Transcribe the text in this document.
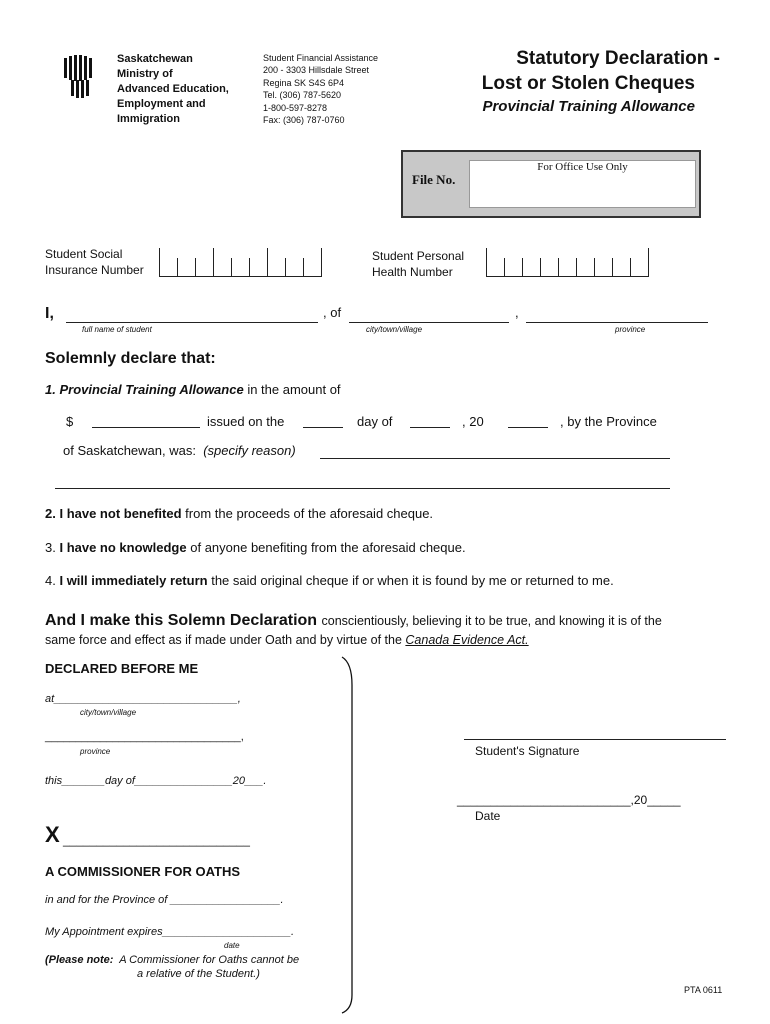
Saskatchewan
Ministry of
Advanced Education,
Employment and
Immigration
Student Financial Assistance
200 - 3303 Hillsdale Street
Regina SK S4S 6P4
Tel. (306) 787-5620
1-800-597-8278
Fax: (306) 787-0760
Statutory Declaration -
Lost or Stolen Cheques
Provincial Training Allowance
File No.
For Office Use Only
Student Social
Insurance Number
Student Personal
Health Number
I,	, of	,
full name of student	city/town/village	province
Solemnly declare that:
1. Provincial Training Allowance in the amount of
$	issued on the	day of	, 20	, by the Province
of Saskatchewan, was: (specify reason)
2. I have not benefited from the proceeds of the aforesaid cheque.
3. I have no knowledge of anyone benefiting from the aforesaid cheque.
4. I will immediately return the said original cheque if or when it is found by me or returned to me.
And I make this Solemn Declaration conscientiously, believing it to be true, and knowing it is of the
same force and effect as if made under Oath and by virtue of the Canada Evidence Act.
DECLARED BEFORE ME
at______________________________,
city/town/village
________________________________,
province
this_______day of________________20___.
X ____________________________
A COMMISSIONER FOR OATHS
in and for the Province of __________________.
My Appointment expires_____________________.
date
(Please note: A Commissioner for Oaths cannot be
a relative of the Student.)
Student's Signature
__________________________,20_____
Date
PTA 0611
